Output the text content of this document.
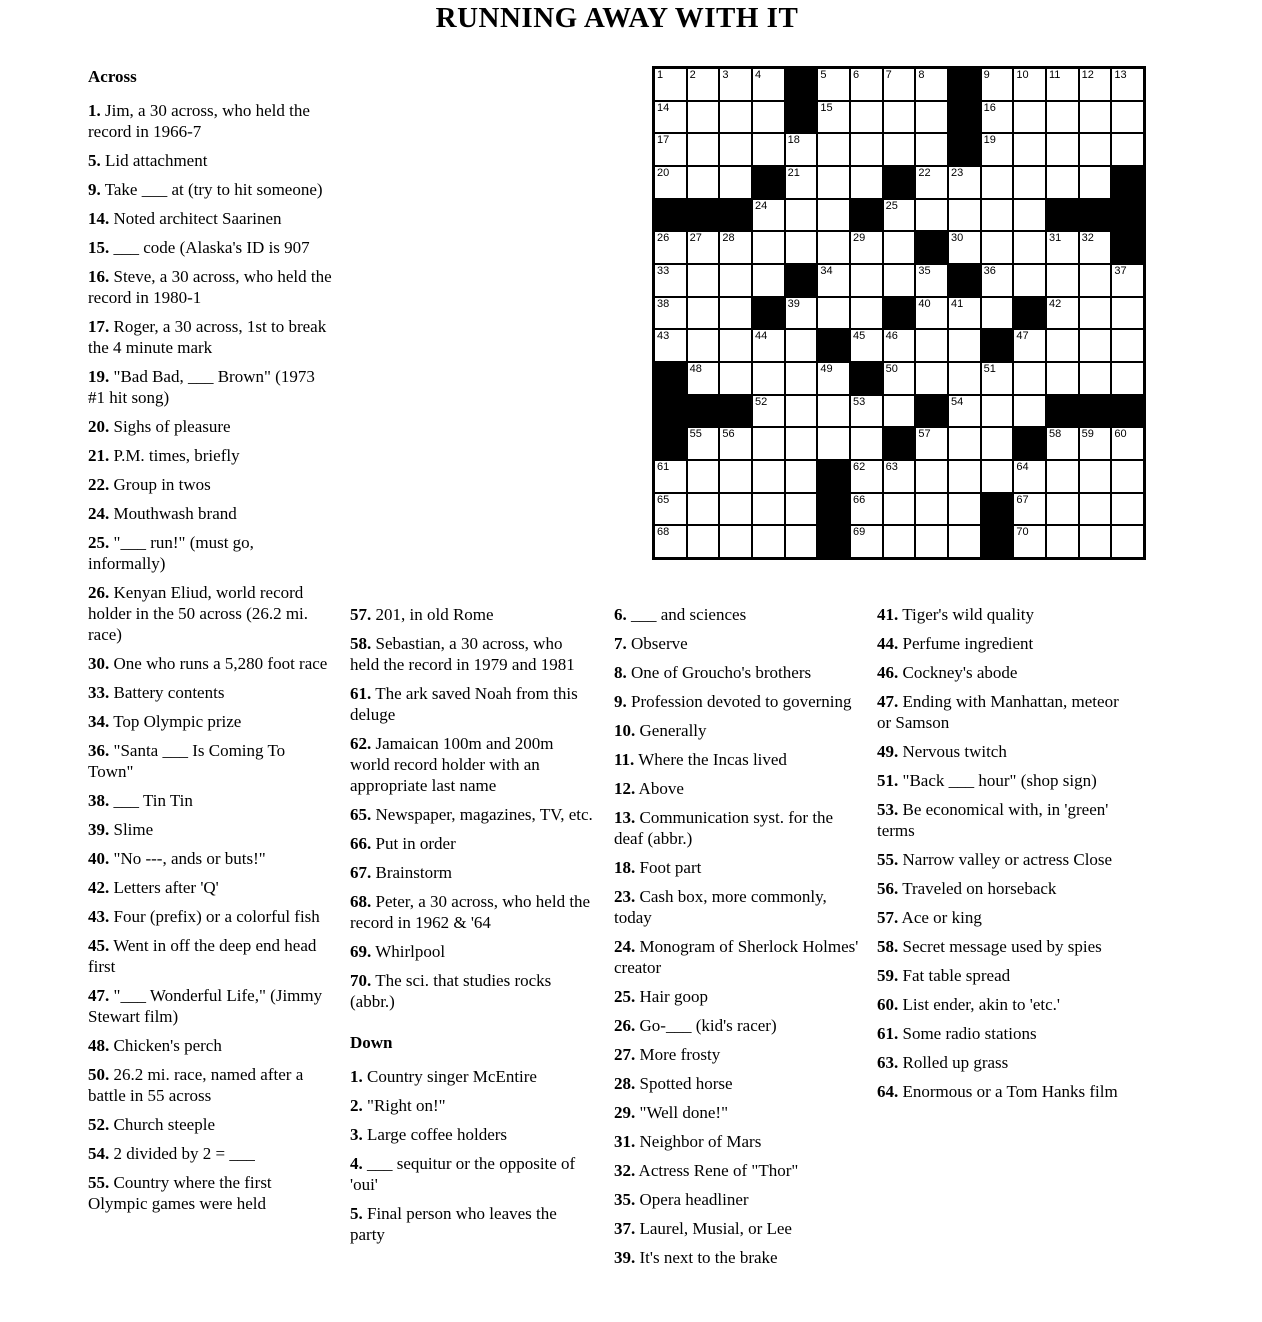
RUNNING AWAY WITH IT
1 2 3 4	5 6 7 8	9 10 11 12 13
14	15	16
17	18	19
20	21	22 23
24	25
26 27 28	29	30	31 32
33	34	35	36	37
38	39	40 41	42
43	44	45 46	47
48	49	50	51
52	53	54
55 56	57	58 59 60
61	62 63	64
65	66	67
68	69	70
Across

1. Jim, a 30 across, who held the record in 1966-7

5. Lid attachment

9. Take ___ at (try to hit someone)

14. Noted architect Saarinen

15. ___ code (Alaska's ID is 907

16. Steve, a 30 across, who held the record in 1980-1

17. Roger, a 30 across, 1st to break the 4 minute mark

19. "Bad Bad, ___ Brown" (1973 #1 hit song)

20. Sighs of pleasure

21. P.M. times, briefly

22. Group in twos

24. Mouthwash brand

25. "___ run!" (must go, informally)

26. Kenyan Eliud, world record holder in the 50 across (26.2 mi. race)

30. One who runs a 5,280 foot race

33. Battery contents

34. Top Olympic prize

36. "Santa ___ Is Coming To Town"

38. ___ Tin Tin

39. Slime

40. "No ---, ands or buts!"

42. Letters after 'Q'

43. Four (prefix) or a colorful fish

45. Went in off the deep end head first

47. "___ Wonderful Life," (Jimmy Stewart film)

48. Chicken's perch

50. 26.2 mi. race, named after a battle in 55 across

52. Church steeple

54. 2 divided by 2 = ___

55. Country where the first Olympic games were held

57. 201, in old Rome

58. Sebastian, a 30 across, who held the record in 1979 and 1981

61. The ark saved Noah from this deluge

62. Jamaican 100m and 200m world record holder with an appropriate last name

65. Newspaper, magazines, TV, etc.

66. Put in order

67. Brainstorm

68. Peter, a 30 across, who held the record in 1962 & '64

69. Whirlpool

70. The sci. that studies rocks (abbr.)

Down

1. Country singer McEntire

2. "Right on!"

3. Large coffee holders

4. ___ sequitur or the opposite of 'oui'

5. Final person who leaves the party

6. ___ and sciences

7. Observe

8. One of Groucho's brothers

9. Profession devoted to governing

10. Generally

11. Where the Incas lived

12. Above

13. Communication syst. for the deaf (abbr.)

18. Foot part

23. Cash box, more commonly, today

24. Monogram of Sherlock Holmes' creator

25. Hair goop

26. Go-___ (kid's racer)

27. More frosty

28. Spotted horse

29. "Well done!"

31. Neighbor of Mars

32. Actress Rene of "Thor"

35. Opera headliner

37. Laurel, Musial, or Lee

39. It's next to the brake

41. Tiger's wild quality

44. Perfume ingredient

46. Cockney's abode

47. Ending with Manhattan, meteor or Samson

49. Nervous twitch

51. "Back ___ hour" (shop sign)

53. Be economical with, in 'green' terms

55. Narrow valley or actress Close

56. Traveled on horseback

57. Ace or king

58. Secret message used by spies

59. Fat table spread

60. List ender, akin to 'etc.'

61. Some radio stations

63. Rolled up grass

64. Enormous or a Tom Hanks film
